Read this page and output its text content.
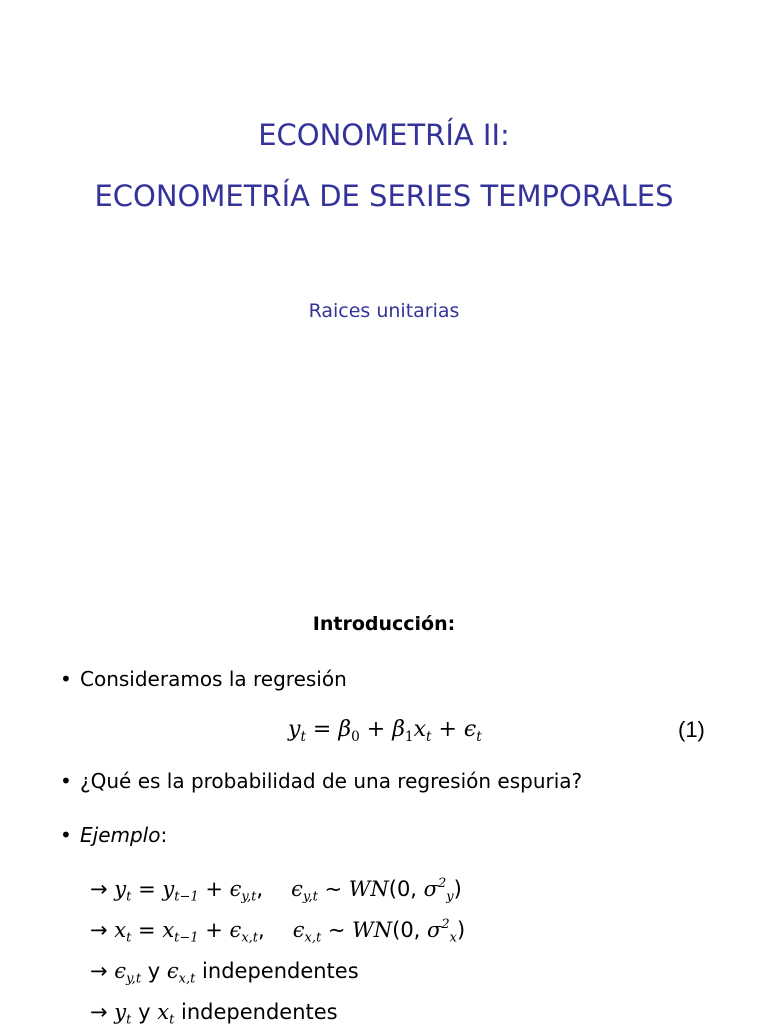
ECONOMETRÍA II:
ECONOMETRÍA DE SERIES TEMPORALES
Raices unitarias
Introducción:
• Consideramos la regresión
$y_t = \beta_0 + \beta_1x_t + \epsilon_t$	(1)
• ¿Qué es la probabilidad de una regresión espuria?
• Ejemplo:
→ $y_t = y_{t-1} + \epsilon_{y,t}$, $\epsilon_{y,t}$ ∼ WN(0, $\sigma^2_y$)
→ $x_t = x_{t-1} + \epsilon_{x,t}$, $\epsilon_{x,t}$ ∼ WN(0, $\sigma^2_x$)
→ $\epsilon_{y,t}$ y $\epsilon_{x,t}$ independentes
→ $y_t$ y $x_t$ independentes
